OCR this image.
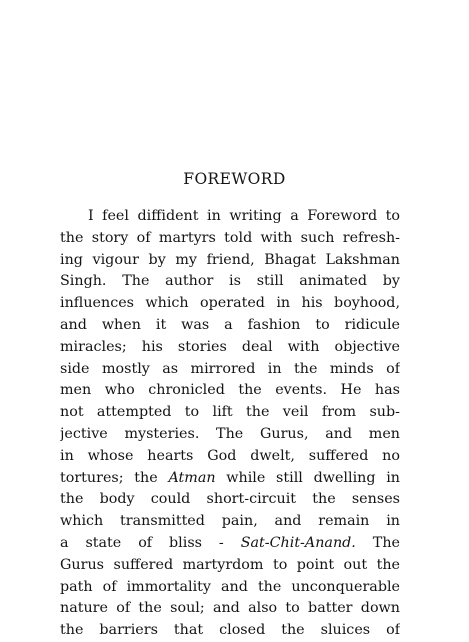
FOREWORD
I feel diffident in writing a Foreword to
the story of martyrs told with such refresh-
ing vigour by my friend, Bhagat Lakshman
Singh. The author is still animated by
influences which operated in his boyhood,
and when it was a fashion to ridicule
miracles; his stories deal with objective
side mostly as mirrored in the minds of
men who chronicled the events. He has
not attempted to lift the veil from sub-
jective mysteries. The Gurus, and men
in whose hearts God dwelt, suffered no
tortures; the Atman while still dwelling in
the body could short-circuit the senses
which transmitted pain, and remain in
a state of bliss - Sat-Chit-Anand. The
Gurus suffered martyrdom to point out the
path of immortality and the unconquerable
nature of the soul; and also to batter down
the barriers that closed the sluices of
